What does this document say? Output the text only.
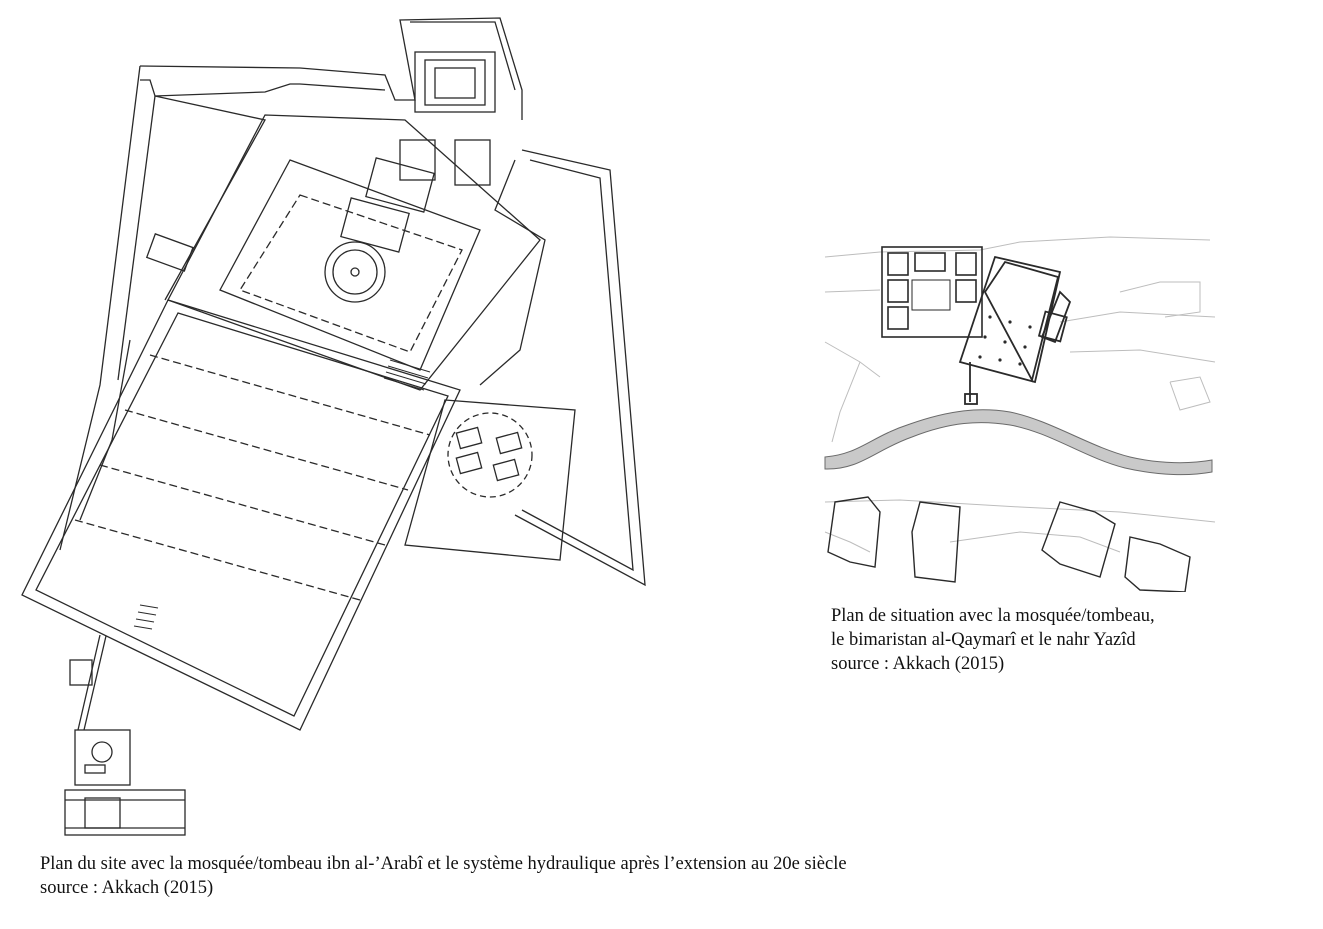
Plan de situation avec la mosquée/tombeau,
le bimaristan al-Qaymarî et le nahr Yazîd
source : Akkach (2015)
Plan du site avec la mosquée/tombeau ibn al-’Arabî et le système hydraulique après l’extension au 20e siècle
source : Akkach (2015)
